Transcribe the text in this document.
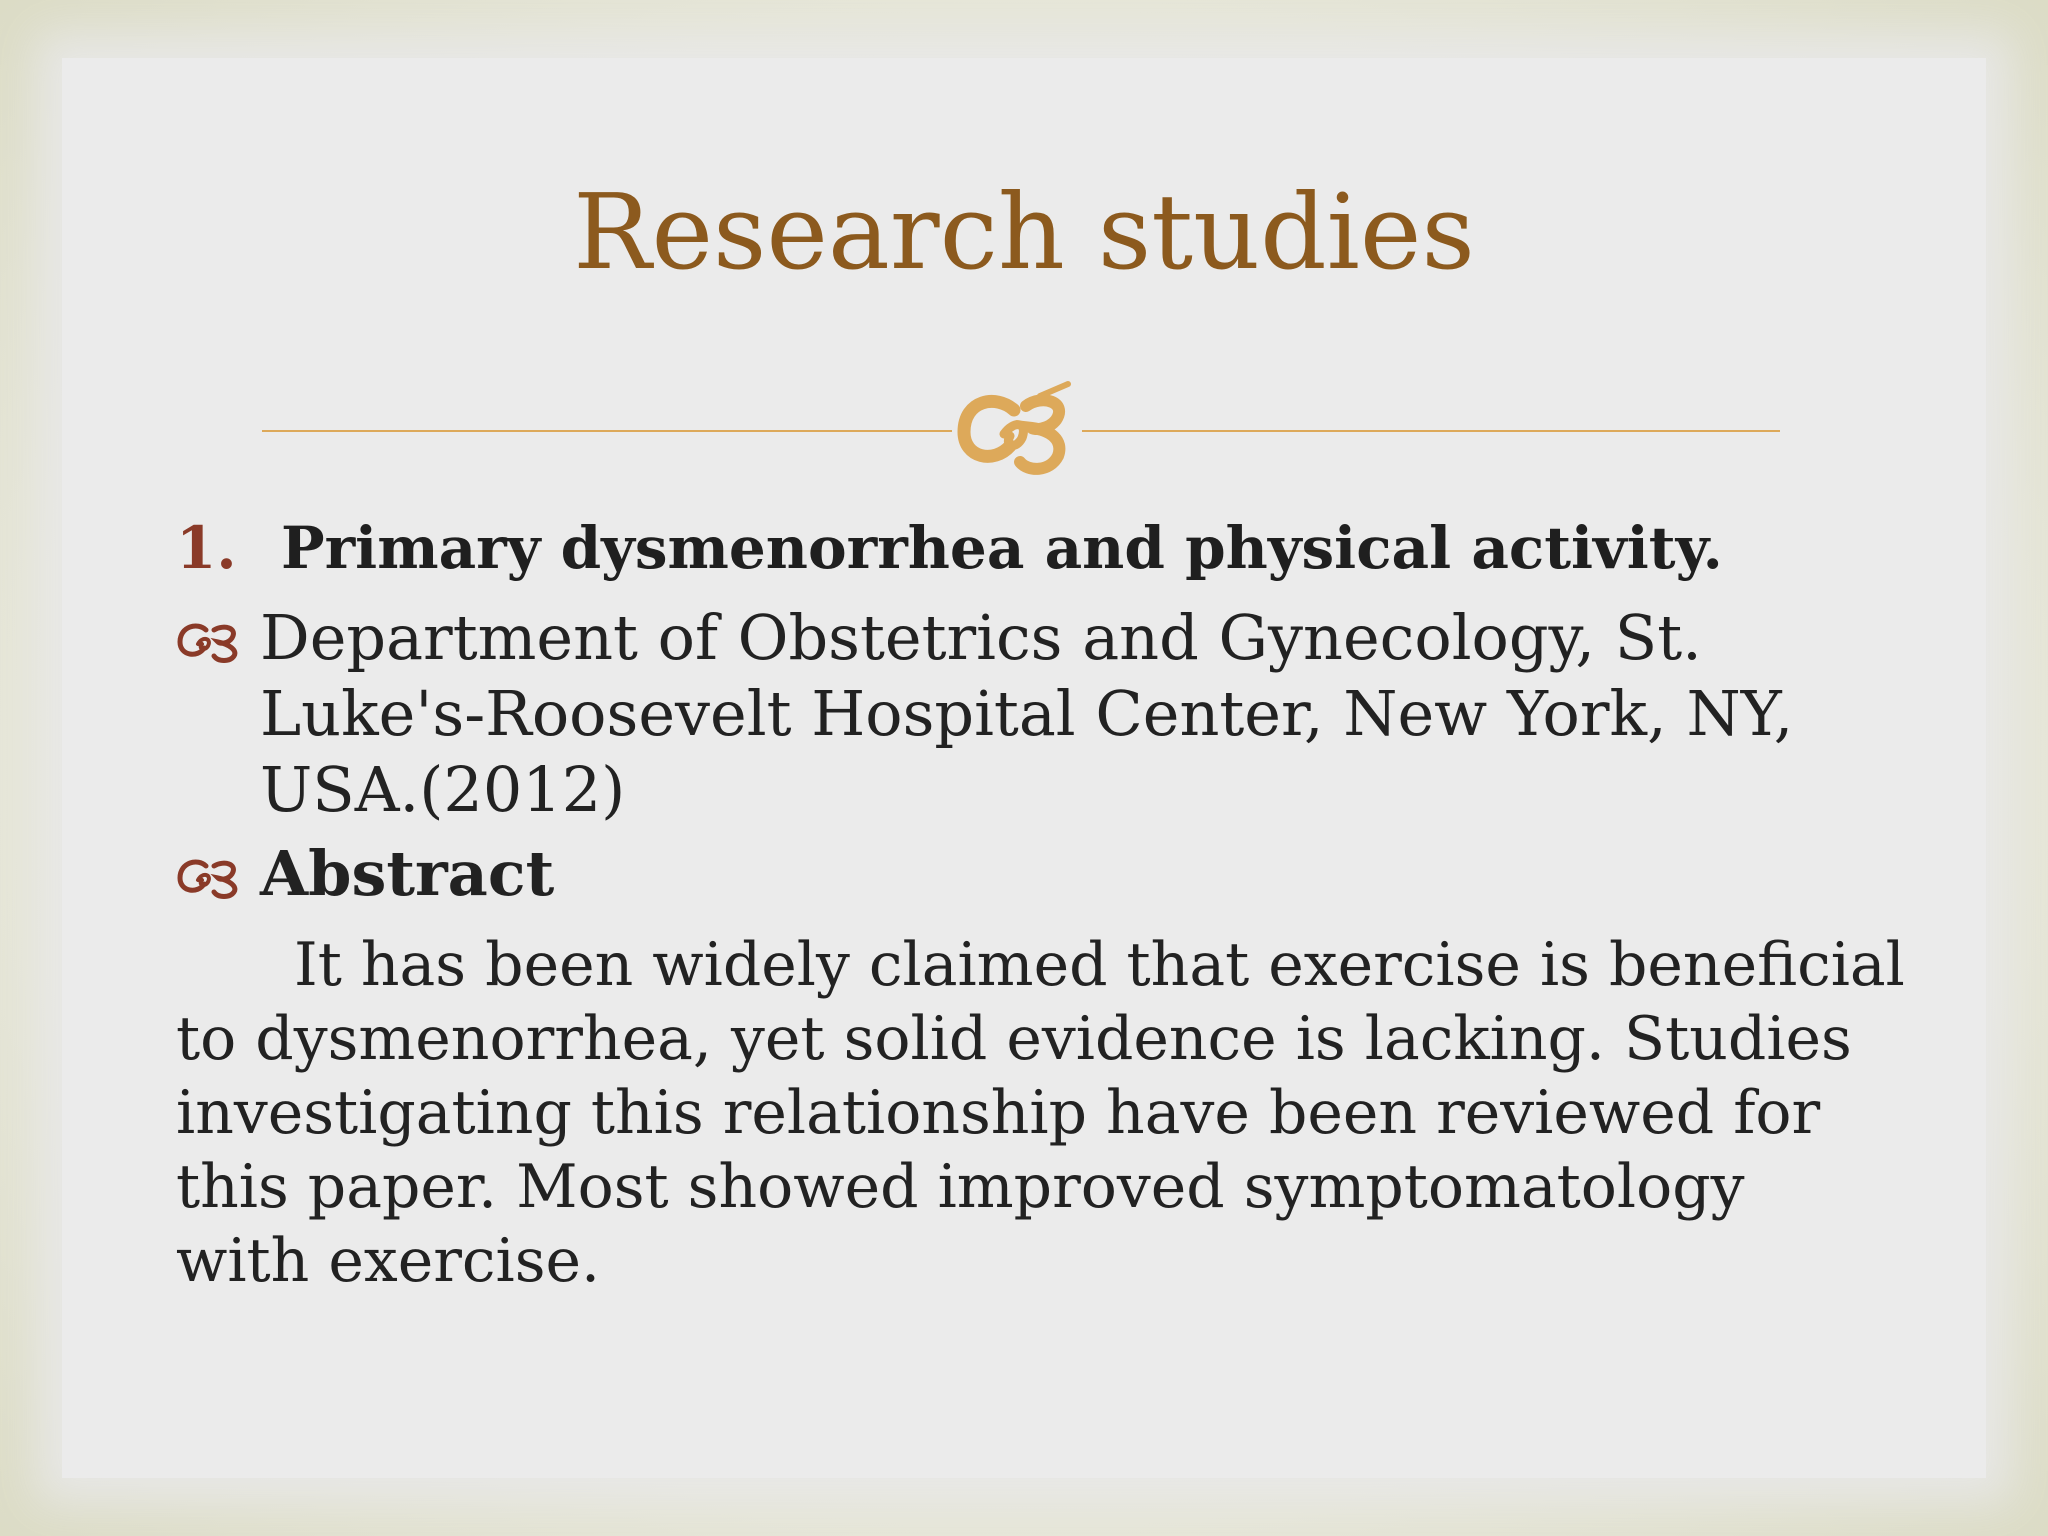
Research studies
1. Primary dysmenorrhea and physical activity.
Department of Obstetrics and Gynecology, St.
Luke's-Roosevelt Hospital Center, New York, NY,
USA.(2012)
Abstract
It has been widely claimed that exercise is beneficial
to dysmenorrhea, yet solid evidence is lacking. Studies
investigating this relationship have been reviewed for
this paper. Most showed improved symptomatology
with exercise.
